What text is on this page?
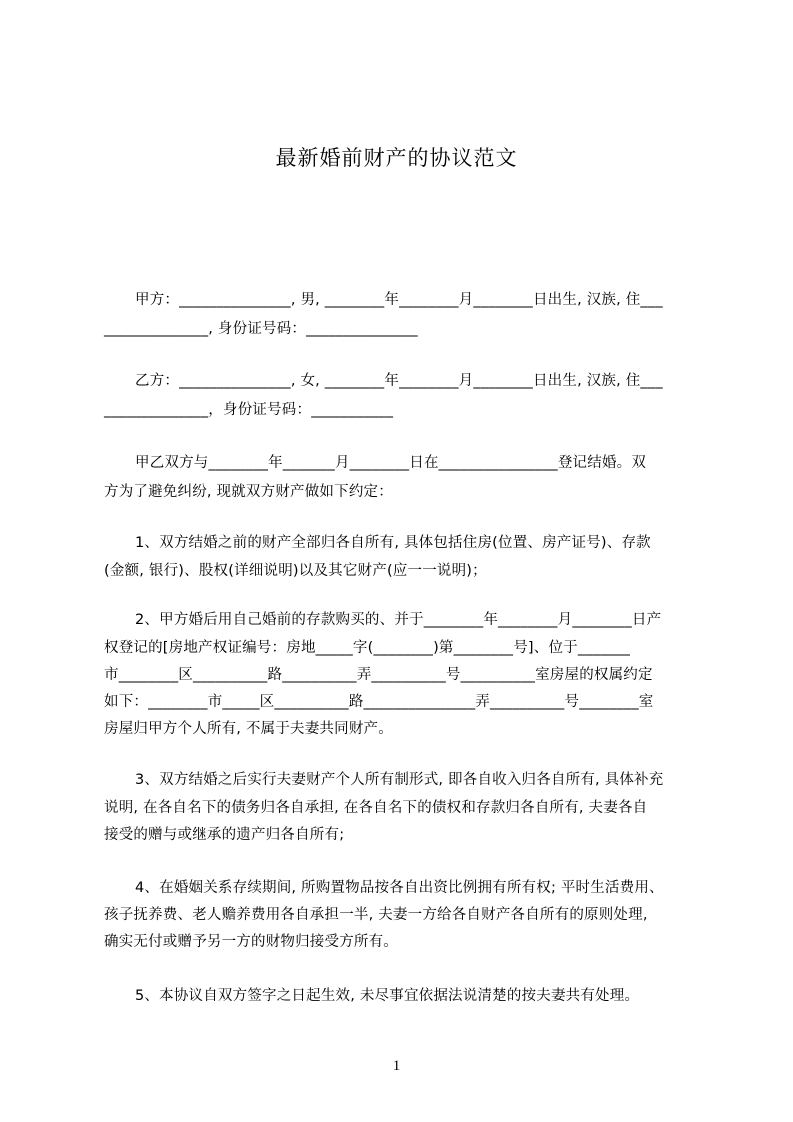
最新婚前财产的协议范文
甲方：_______________, 男, ________年________月________日出生, 汉族, 住___
______________, 身份证号码：_______________
乙方：_______________, 女, ________年________月________日出生, 汉族, 住___
______________，身份证号码：___________
甲乙双方与________年_______月________日在________________登记结婚。双
方为了避免纠纷, 现就双方财产做如下约定：
1、双方结婚之前的财产全部归各自所有, 具体包括住房(位置、房产证号)、存款
(金额, 银行)、股权(详细说明)以及其它财产(应一一说明)；
2、甲方婚后用自己婚前的存款购买的、并于________年________月________日产
权登记的[房地产权证编号：房地_____字(________)第________号]、位于_______
市________区__________路__________弄__________号__________室房屋的权属约定
如下：________市_____区__________路_______________弄__________号________室
房屋归甲方个人所有, 不属于夫妻共同财产。
3、双方结婚之后实行夫妻财产个人所有制形式, 即各自收入归各自所有, 具体补充
说明, 在各自名下的债务归各自承担, 在各自名下的债权和存款归各自所有, 夫妻各自
接受的赠与或继承的遗产归各自所有;
4、在婚姻关系存续期间, 所购置物品按各自出资比例拥有所有权; 平时生活费用、
孩子抚养费、老人赡养费用各自承担一半, 夫妻一方给各自财产各自所有的原则处理,
确实无付或赠予另一方的财物归接受方所有。
5、本协议自双方签字之日起生效, 未尽事宜依据法说清楚的按夫妻共有处理。
1
